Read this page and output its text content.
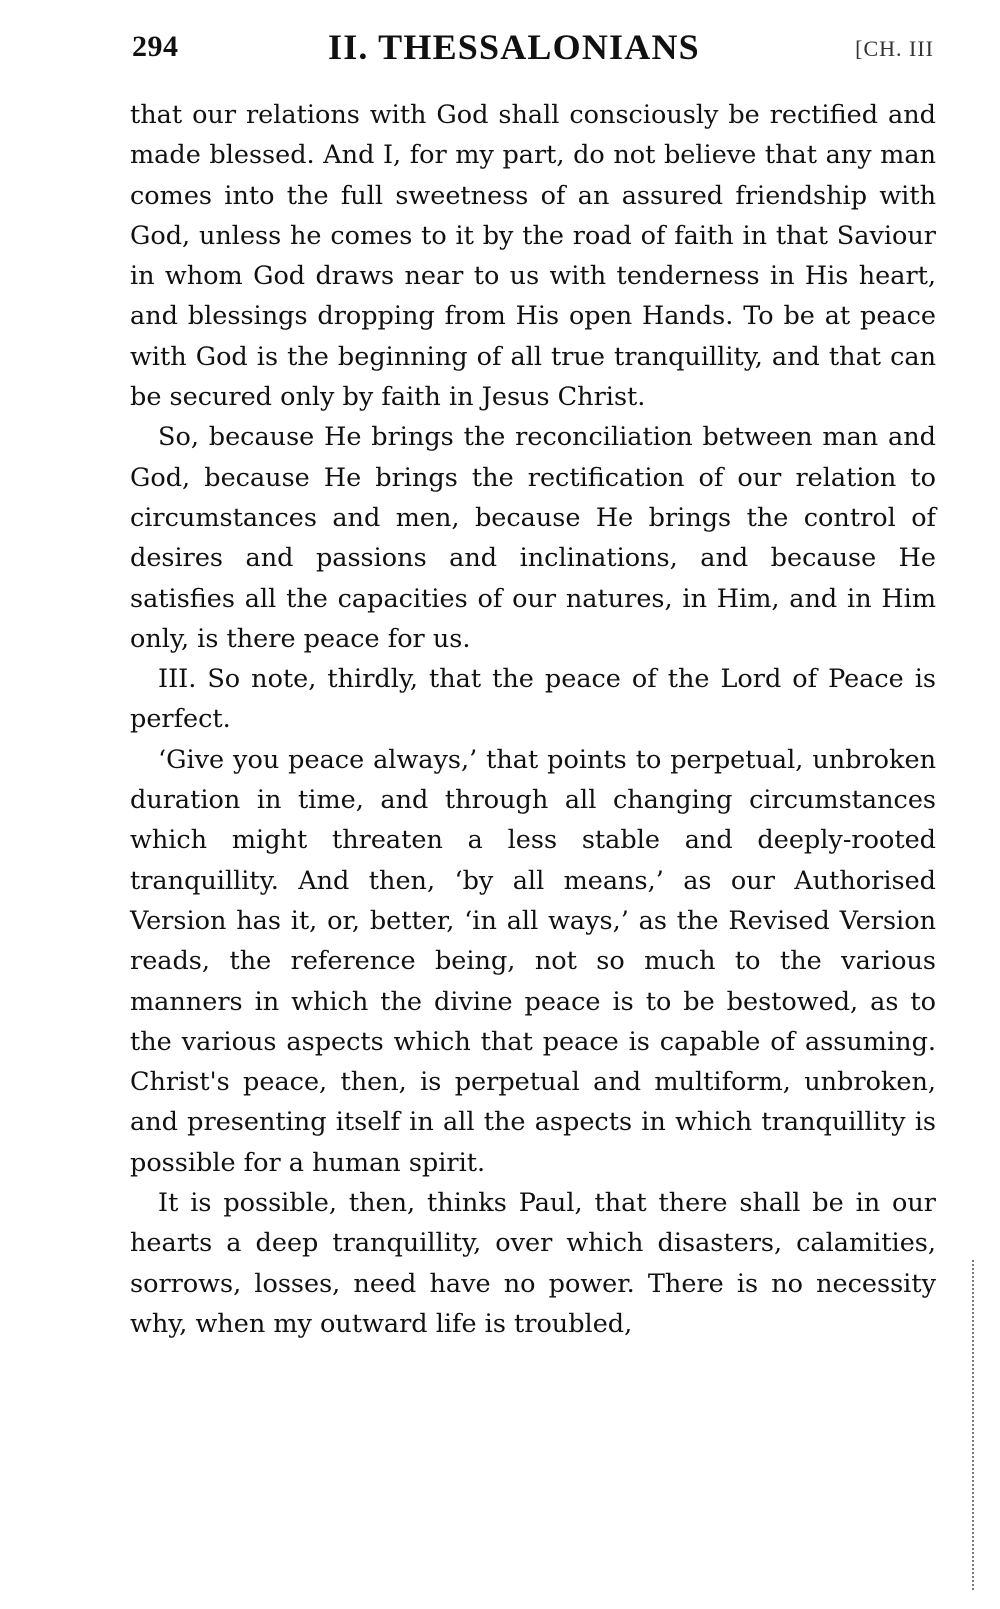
294	II. THESSALONIANS	[CH. III

that our relations with God shall consciously be rectified and made blessed. And I, for my part, do not believe that any man comes into the full sweetness of an assured friendship with God, unless he comes to it by the road of faith in that Saviour in whom God draws near to us with tenderness in His heart, and blessings dropping from His open Hands. To be at peace with God is the beginning of all true tranquillity, and that can be secured only by faith in Jesus Christ.

So, because He brings the reconciliation between man and God, because He brings the rectification of our relation to circumstances and men, because He brings the control of desires and passions and inclinations, and because He satisfies all the capacities of our natures, in Him, and in Him only, is there peace for us.

III. So note, thirdly, that the peace of the Lord of Peace is perfect.

‘Give you peace always,’ that points to perpetual, unbroken duration in time, and through all changing circumstances which might threaten a less stable and deeply-rooted tranquillity. And then, ‘by all means,’ as our Authorised Version has it, or, better, ‘in all ways,’ as the Revised Version reads, the reference being, not so much to the various manners in which the divine peace is to be bestowed, as to the various aspects which that peace is capable of assuming. Christ's peace, then, is perpetual and multiform, unbroken, and presenting itself in all the aspects in which tranquillity is possible for a human spirit.

It is possible, then, thinks Paul, that there shall be in our hearts a deep tranquillity, over which disasters, calamities, sorrows, losses, need have no power. There is no necessity why, when my outward life is troubled,
